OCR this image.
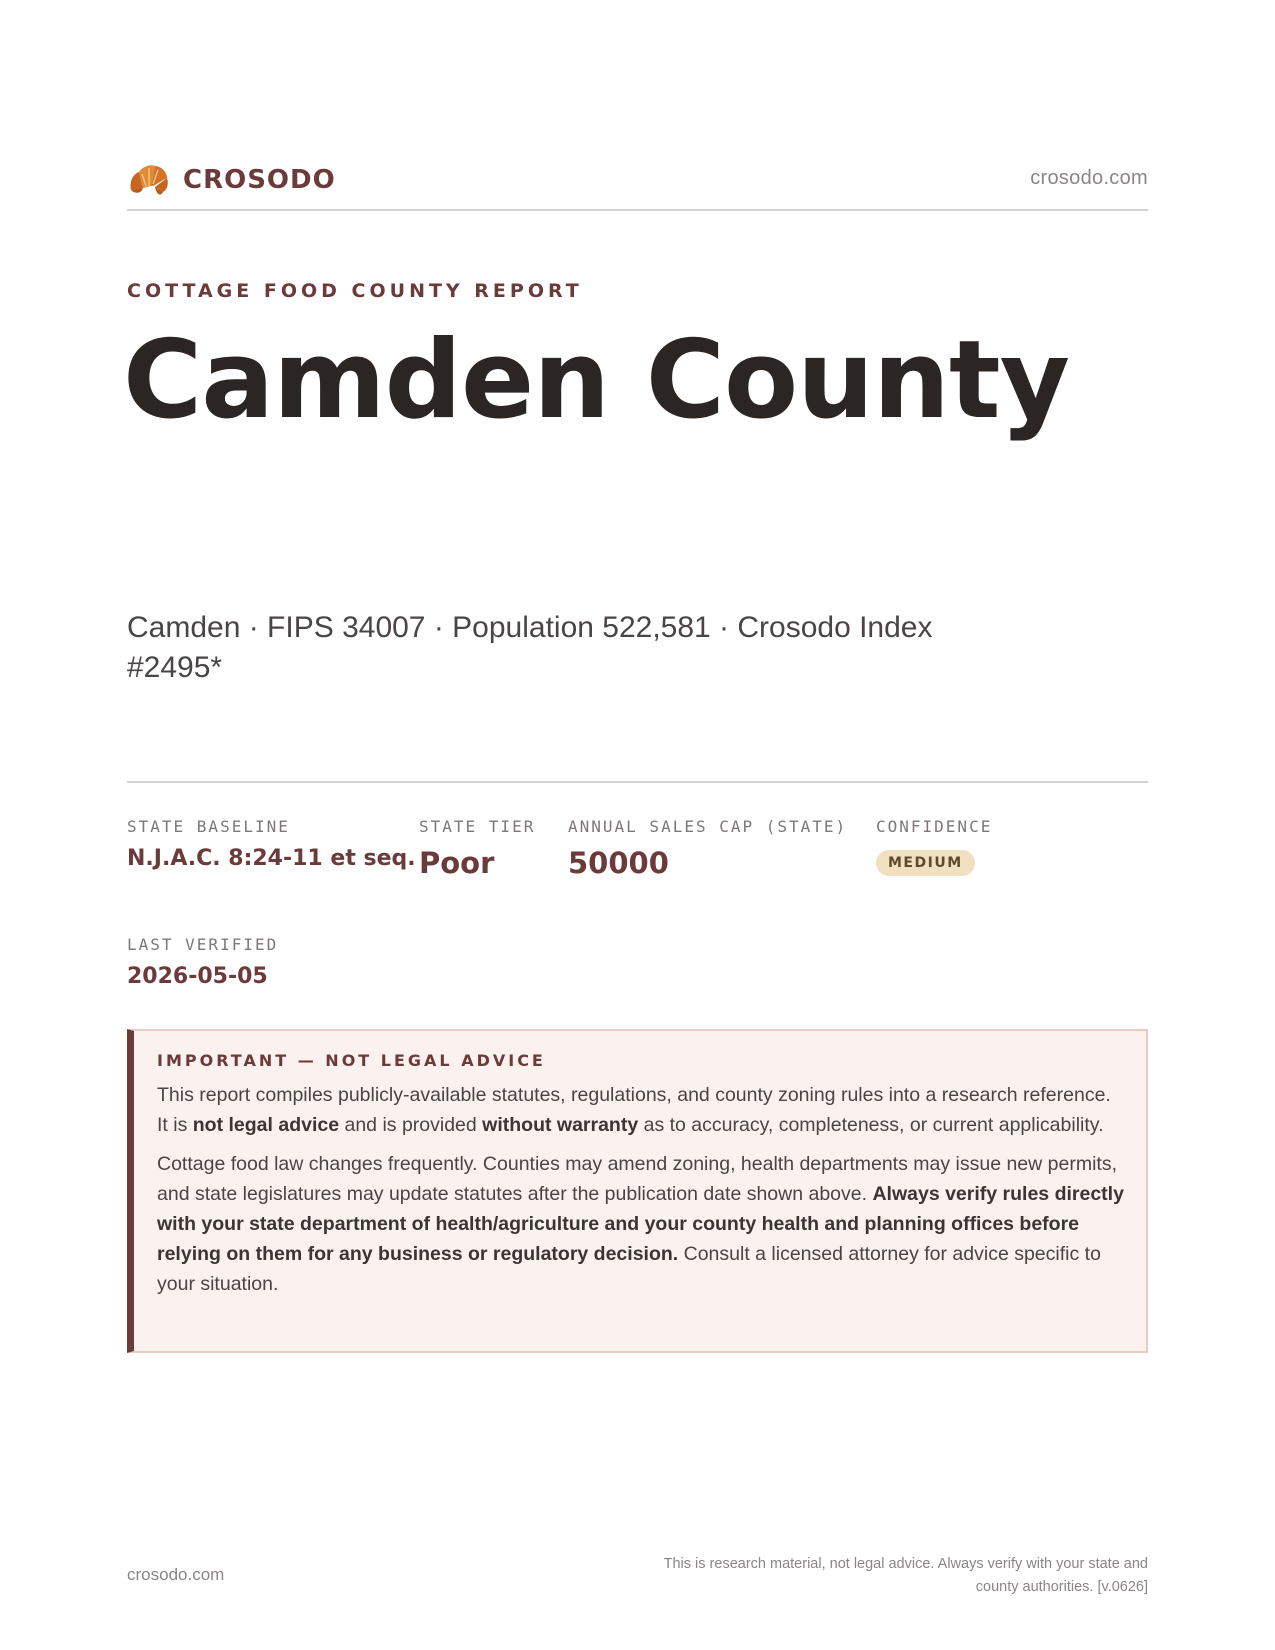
CROSODO	crosodo.com
COTTAGE FOOD COUNTY REPORT
Camden County

Camden · FIPS 34007 · Population 522,581 · Crosodo Index #2495*

STATE BASELINE
N.J.A.C. 8:24-11 et seq.
STATE TIER
Poor
ANNUAL SALES CAP (STATE)
50000
CONFIDENCE
MEDIUM
LAST VERIFIED
2026-05-05
IMPORTANT — NOT LEGAL ADVICE

This report compiles publicly-available statutes, regulations, and county zoning rules into a research reference. It is not legal advice and is provided without warranty as to accuracy, completeness, or current applicability.

Cottage food law changes frequently. Counties may amend zoning, health departments may issue new permits, and state legislatures may update statutes after the publication date shown above. Always verify rules directly with your state department of health/agriculture and your county health and planning offices before relying on them for any business or regulatory decision. Consult a licensed attorney for advice specific to your situation.

crosodo.com
This is research material, not legal advice. Always verify with your state and county authorities. [v.0626]
